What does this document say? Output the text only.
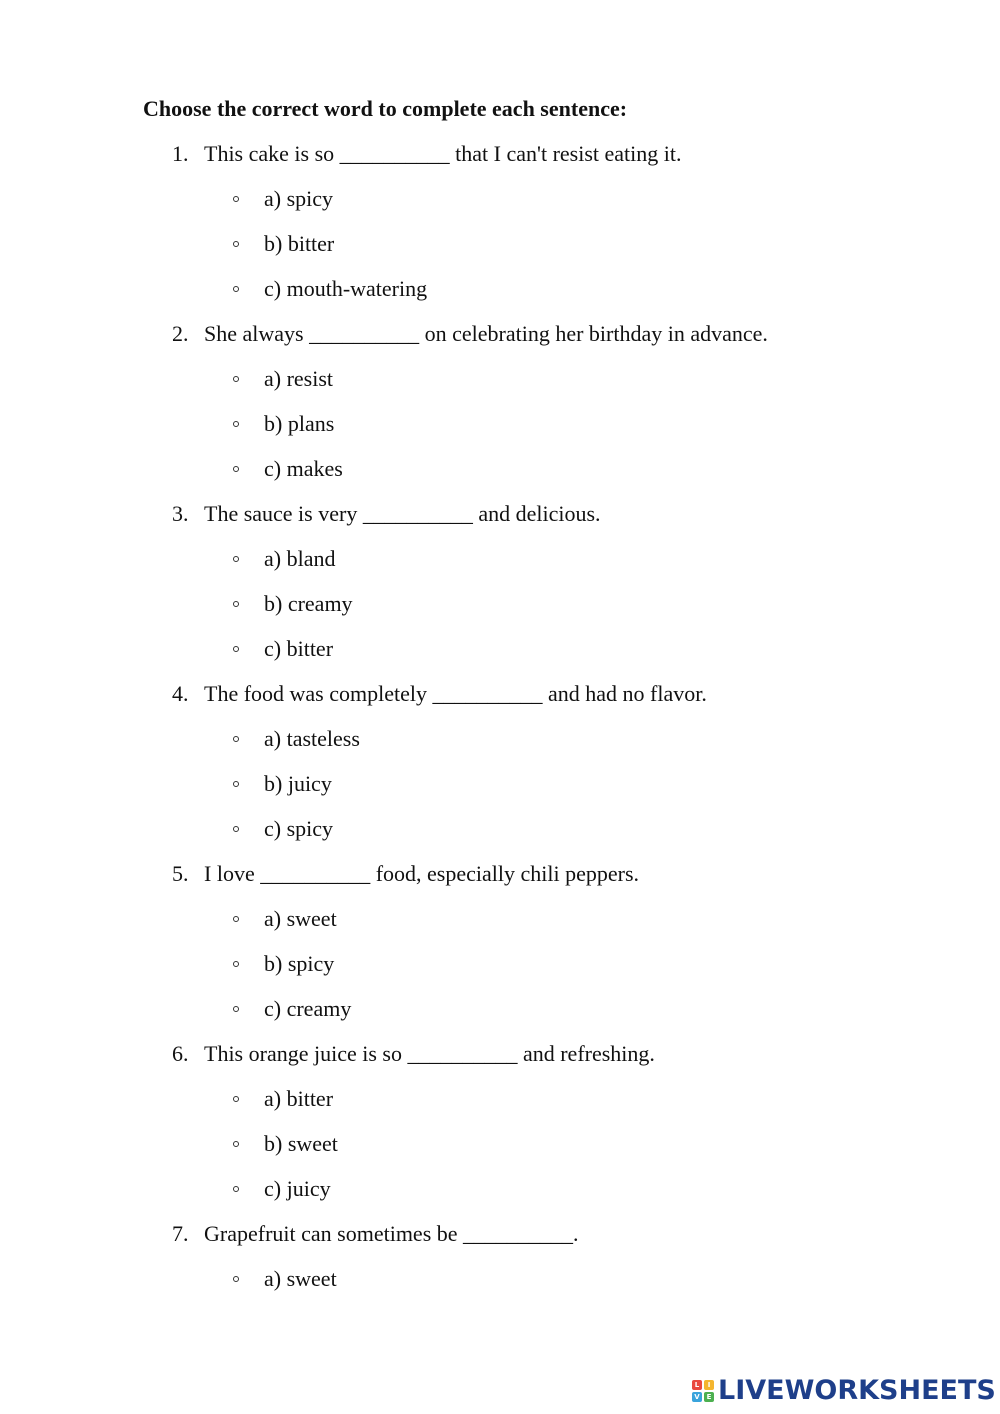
Choose the correct word to complete each sentence:
1. This cake is so __________ that I can't resist eating it.
a) spicy
b) bitter
c) mouth-watering
2. She always __________ on celebrating her birthday in advance.
a) resist
b) plans
c) makes
3. The sauce is very __________ and delicious.
a) bland
b) creamy
c) bitter
4. The food was completely __________ and had no flavor.
a) tasteless
b) juicy
c) spicy
5. I love __________ food, especially chili peppers.
a) sweet
b) spicy
c) creamy
6. This orange juice is so __________ and refreshing.
a) bitter
b) sweet
c) juicy
7. Grapefruit can sometimes be __________.
a) sweet
L	I
V E LIVEWORKSHEETS
